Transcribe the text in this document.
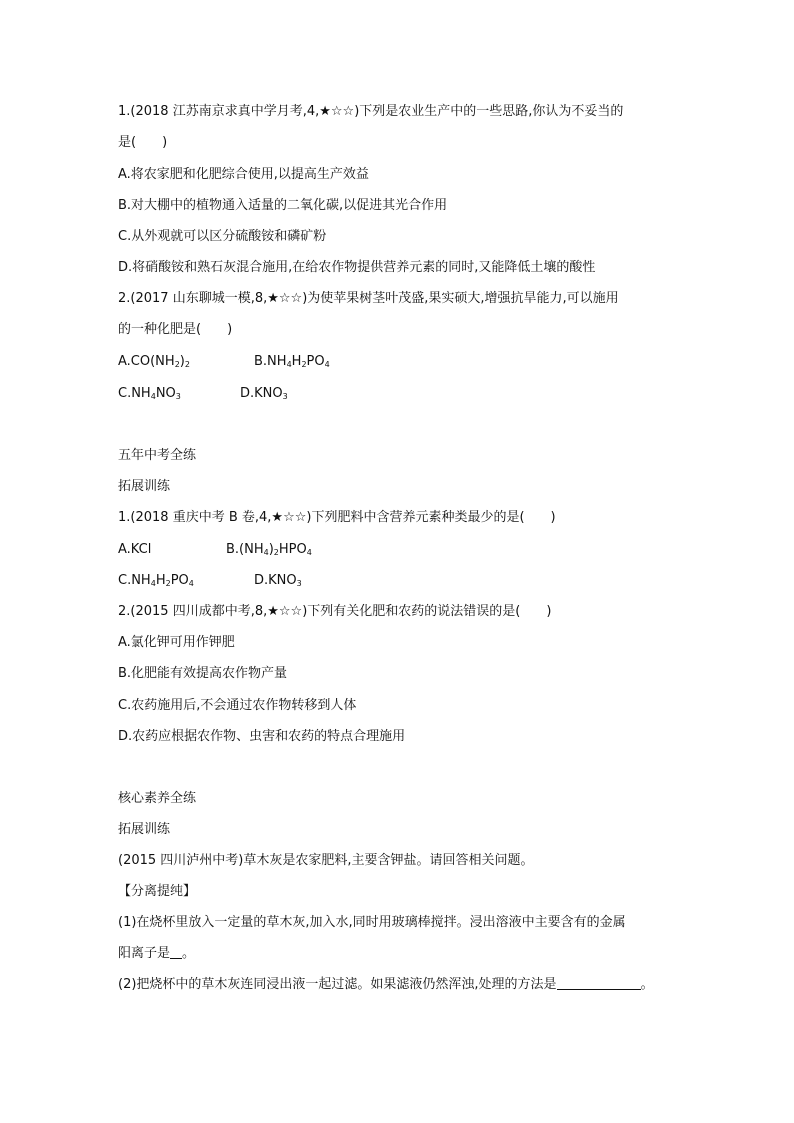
1.(2018 江苏南京求真中学月考,4,★☆☆)下列是农业生产中的一些思路,你认为不妥当的
是(　　)
A.将农家肥和化肥综合使用,以提高生产效益
B.对大棚中的植物通入适量的二氧化碳,以促进其光合作用
C.从外观就可以区分硫酸铵和磷矿粉
D.将硝酸铵和熟石灰混合施用,在给农作物提供营养元素的同时,又能降低土壤的酸性
2.(2017 山东聊城一模,8,★☆☆)为使苹果树茎叶茂盛,果实硕大,增强抗旱能力,可以施用
的一种化肥是(　　)
$A.CO(NH_2)_2$	$B.NH_4H_2PO_4$
$C.NH_4NO_3$	$D.KNO_3$
五年中考全练
拓展训练
1.(2018 重庆中考 B 卷,4,★☆☆)下列肥料中含营养元素种类最少的是(　　)
A.KCl	$B.(NH_4)_2HPO_4$
$C.NH_4H_2PO_4$	$D.KNO_3$
2.(2015 四川成都中考,8,★☆☆)下列有关化肥和农药的说法错误的是(　　)
A.氯化钾可用作钾肥
B.化肥能有效提高农作物产量
C.农药施用后,不会通过农作物转移到人体
D.农药应根据农作物、虫害和农药的特点合理施用
核心素养全练
拓展训练
(2015 四川泸州中考)草木灰是农家肥料,主要含钾盐。请回答相关问题。
【分离提纯】
(1)在烧杯里放入一定量的草木灰,加入水,同时用玻璃棒搅拌。浸出溶液中主要含有的金属
阳离子是 。
(2)把烧杯中的草木灰连同浸出液一起过滤。如果滤液仍然浑浊,处理的方法是	。
